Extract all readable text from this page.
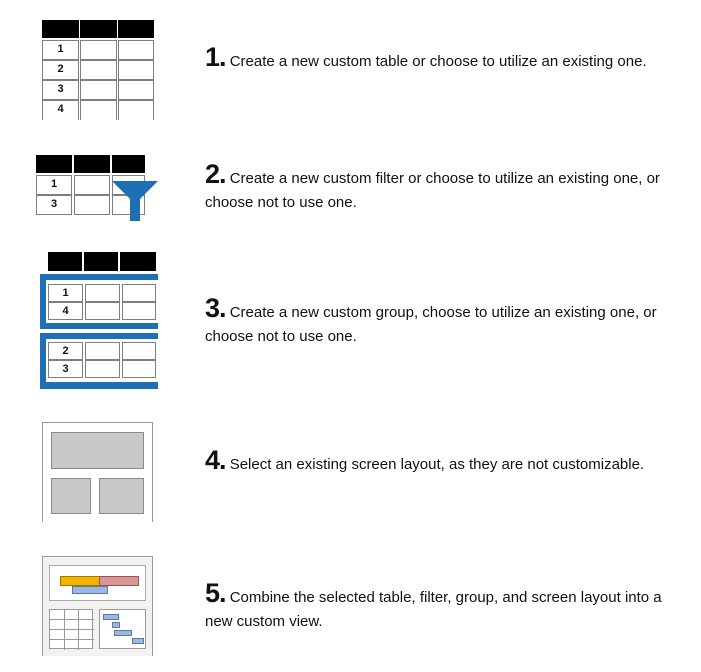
1
2
3
4
1. Create a new custom table or choose to utilize an existing one.
1
3
2. Create a new custom filter or choose to utilize an existing one, or choose not to use one.
1
4
2
3
3. Create a new custom group, choose to utilize an existing one, or choose not to use one.
4. Select an existing screen layout, as they are not customizable.
5. Combine the selected table, filter, group, and screen layout into a new custom view.
